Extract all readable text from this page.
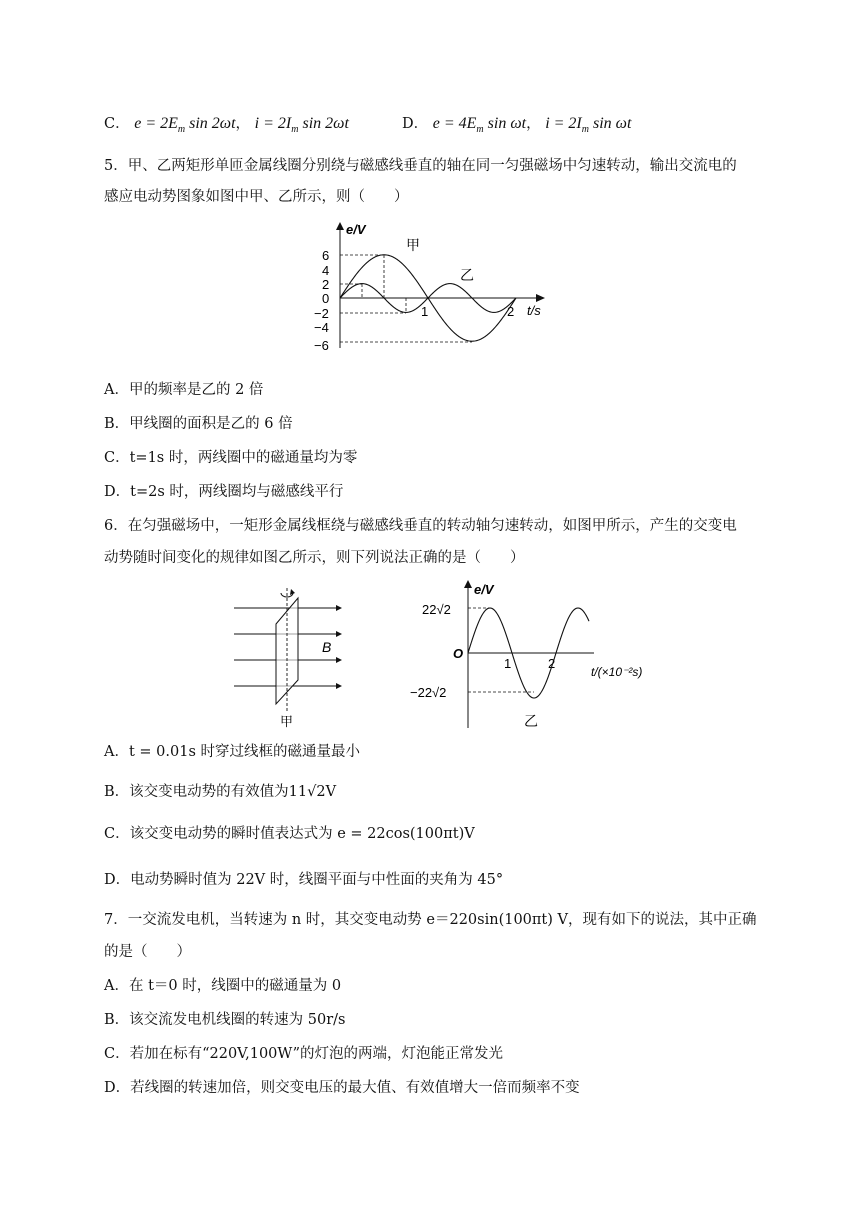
C． $e = 2E_m$ sin 2ωt， $i = 2I_m$ sin 2ωt	D． $e = 4E_m$ sin ωt， $i = 2I_m$ sin ωt
5．甲、乙两矩形单匝金属线圈分别绕与磁感线垂直的轴在同一匀强磁场中匀速转动，输出交流电的
感应电动势图象如图中甲、乙所示，则（　　）
e/V
t/s
6
4
2
0
−2
−4
−6
1	2
甲
乙
A．甲的频率是乙的 2 倍
B．甲线圈的面积是乙的 6 倍
C．t=1s 时，两线圈中的磁通量均为零
D．t=2s 时，两线圈均与磁感线平行
6．在匀强磁场中，一矩形金属线框绕与磁感线垂直的转动轴匀速转动，如图甲所示，产生的交变电
动势随时间变化的规律如图乙所示，则下列说法正确的是（　　）
B
甲
e/V
t/(×10⁻²s)
22√2
−22√2
O
1	2
乙
A．t = 0.01s 时穿过线框的磁通量最小
B．该交变电动势的有效值为11√2V
C．该交变电动势的瞬时值表达式为 e = 22cos(100πt)V
D．电动势瞬时值为 22V 时，线圈平面与中性面的夹角为 45°
7．一交流发电机，当转速为 n 时，其交变电动势 e＝220sin(100πt) V，现有如下的说法，其中正确
的是（　　）
A．在 t＝0 时，线圈中的磁通量为 0
B．该交流发电机线圈的转速为 50r/s
C．若加在标有“220V,100W”的灯泡的两端，灯泡能正常发光
D．若线圈的转速加倍，则交变电压的最大值、有效值增大一倍而频率不变
